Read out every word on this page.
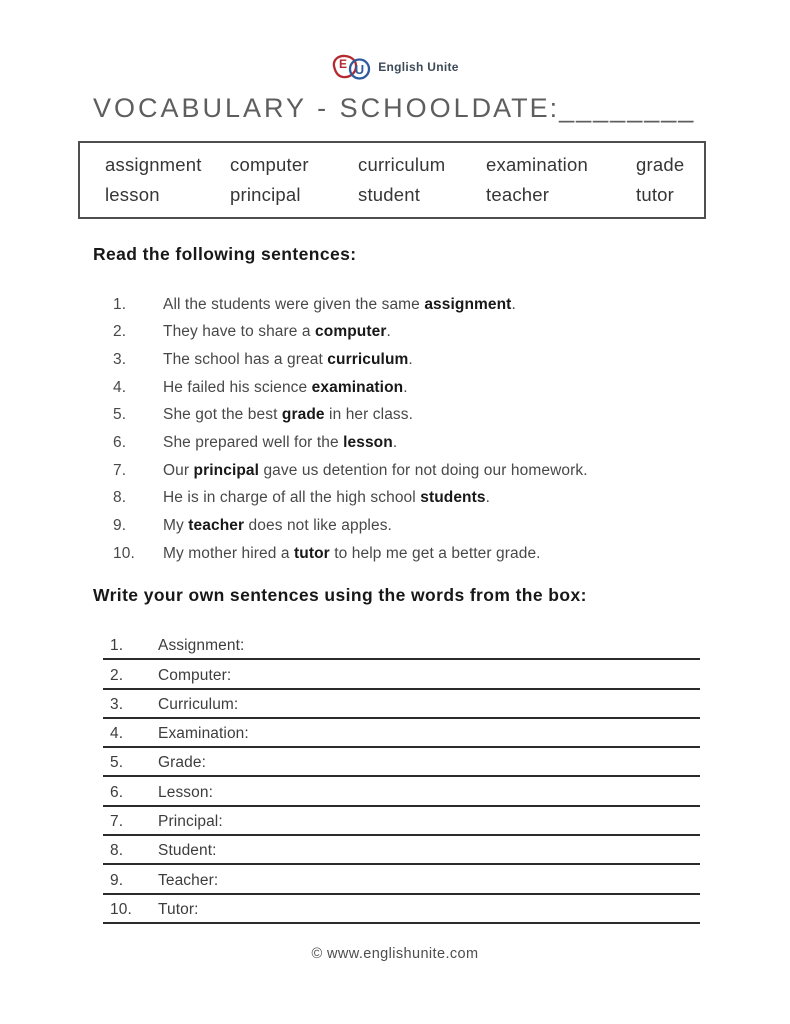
E U English Unite
VOCABULARY - SCHOOL DATE:________
assignment	computer	curriculum	examination	grade
lesson	principal	student	teacher	tutor
Read the following sentences:
1.	All the students were given the same assignment.
2.	They have to share a computer.
3.	The school has a great curriculum.
4.	He failed his science examination.
5.	She got the best grade in her class.
6.	She prepared well for the lesson.
7.	Our principal gave us detention for not doing our homework.
8.	He is in charge of all the high school students.
9.	My teacher does not like apples.
10.	My mother hired a tutor to help me get a better grade.
Write your own sentences using the words from the box:
1.	Assignment:
2.	Computer:
3.	Curriculum:
4.	Examination:
5.	Grade:
6.	Lesson:
7.	Principal:
8.	Student:
9.	Teacher:
10.	Tutor:
© www.englishunite.com
